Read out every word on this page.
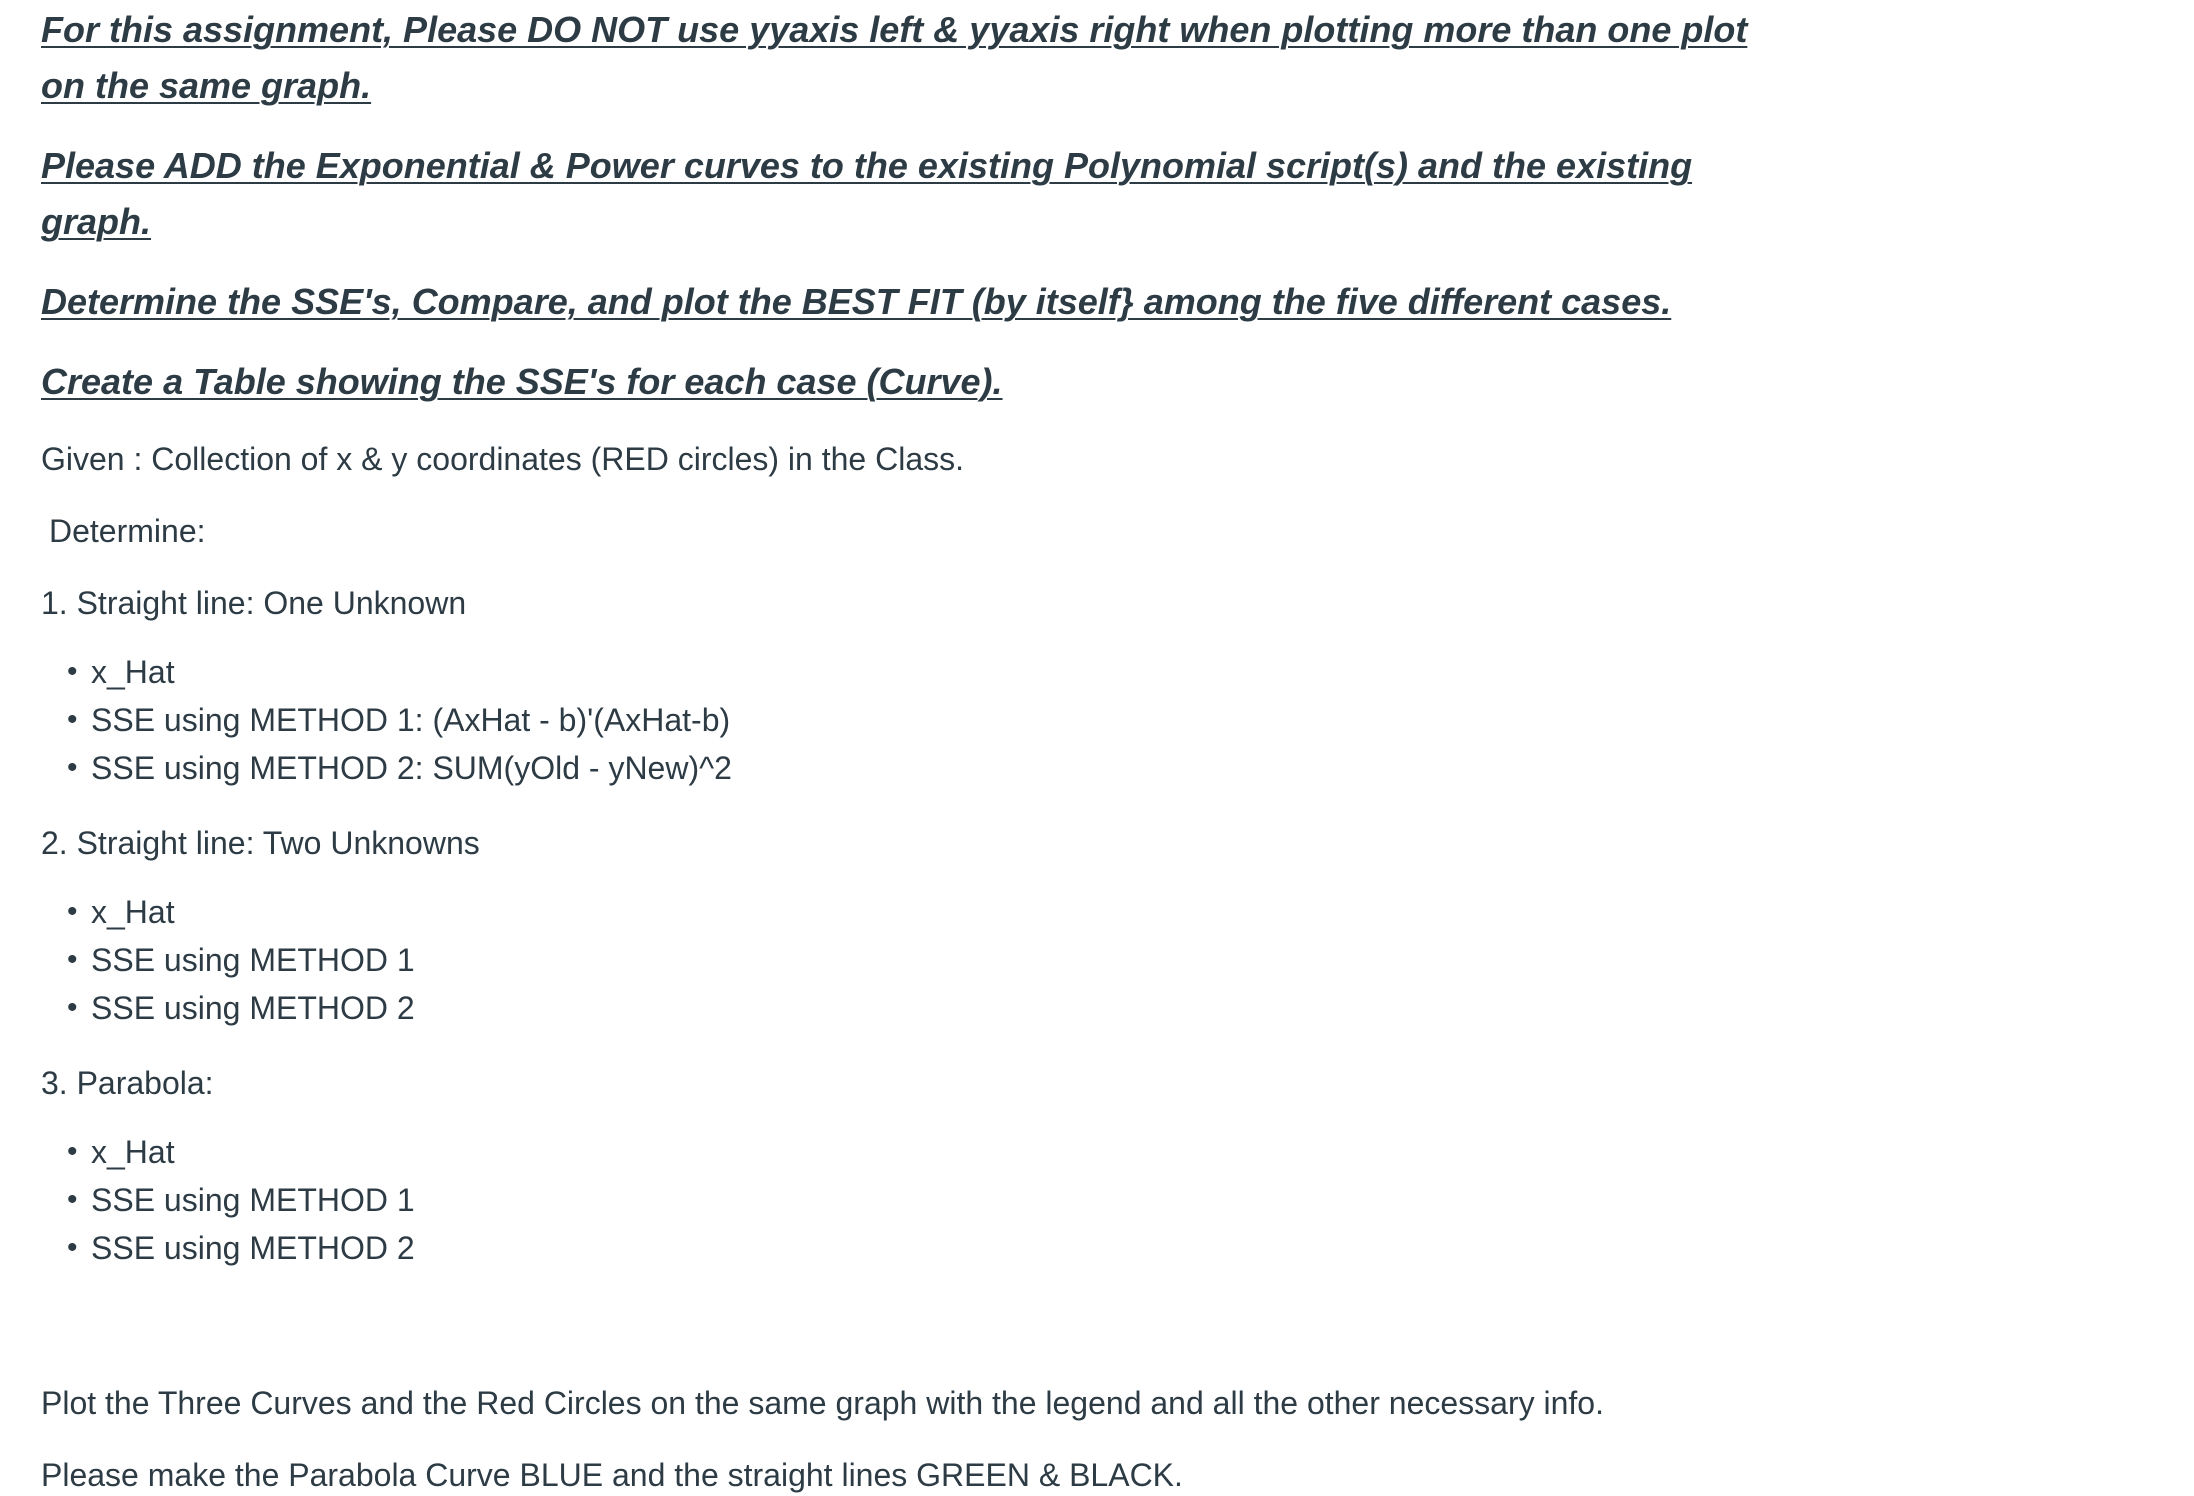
For this assignment, Please DO NOT use yyaxis left & yyaxis right when plotting more than one plot on the same graph.

Please ADD the Exponential & Power curves to the existing Polynomial script(s) and the existing graph.

Determine the SSE's, Compare, and plot the BEST FIT (by itself} among the five different cases.

Create a Table showing the SSE's for each case (Curve).

Given : Collection of x & y coordinates (RED circles) in the Class.

Determine:

1. Straight line: One Unknown

• x_Hat
• SSE using METHOD 1: (AxHat - b)'(AxHat-b)
• SSE using METHOD 2: SUM(yOld - yNew)^2

2. Straight line: Two Unknowns

• x_Hat
• SSE using METHOD 1
• SSE using METHOD 2

3. Parabola:

• x_Hat
• SSE using METHOD 1
• SSE using METHOD 2

Plot the Three Curves and the Red Circles on the same graph with the legend and all the other necessary info.

Please make the Parabola Curve BLUE and the straight lines GREEN & BLACK.
